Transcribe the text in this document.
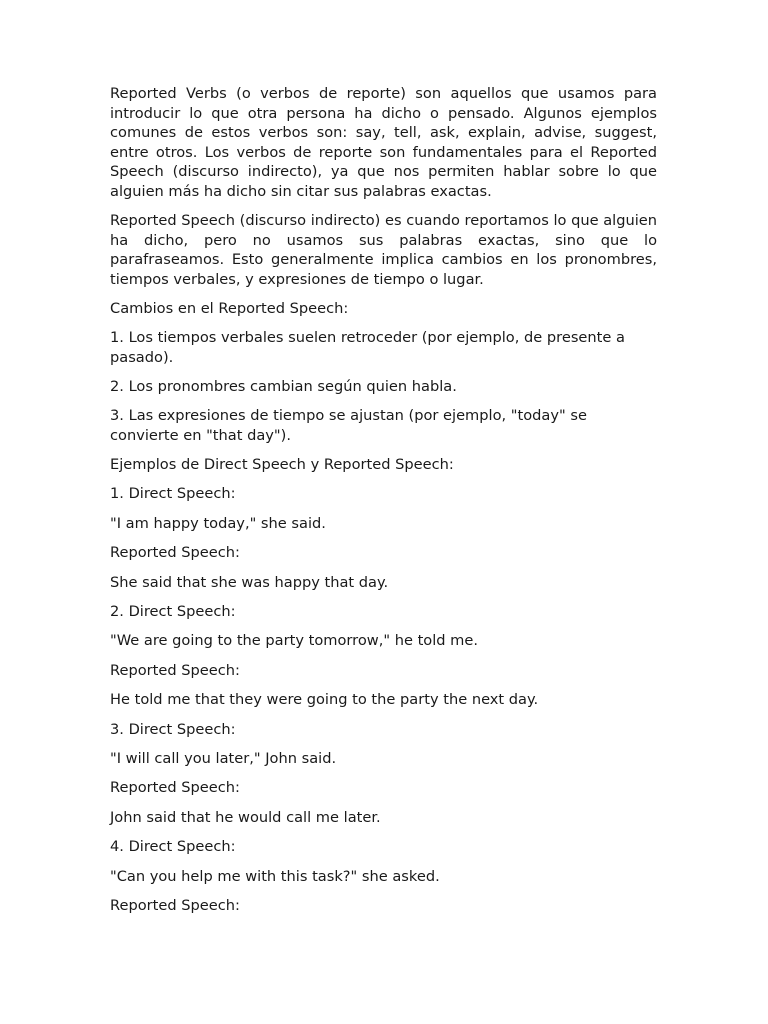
Reported Verbs (o verbos de reporte) son aquellos que usamos para introducir lo que otra persona ha dicho o pensado. Algunos ejemplos comunes de estos verbos son: say, tell, ask, explain, advise, suggest, entre otros. Los verbos de reporte son fundamentales para el Reported Speech (discurso indirecto), ya que nos permiten hablar sobre lo que alguien más ha dicho sin citar sus palabras exactas.

Reported Speech (discurso indirecto) es cuando reportamos lo que alguien ha dicho, pero no usamos sus palabras exactas, sino que lo parafraseamos. Esto generalmente implica cambios en los pronombres, tiempos verbales, y expresiones de tiempo o lugar.

Cambios en el Reported Speech:

1. Los tiempos verbales suelen retroceder (por ejemplo, de presente a pasado).

2. Los pronombres cambian según quien habla.

3. Las expresiones de tiempo se ajustan (por ejemplo, "today" se convierte en "that day").

Ejemplos de Direct Speech y Reported Speech:

1. Direct Speech:

"I am happy today," she said.

Reported Speech:

She said that she was happy that day.

2. Direct Speech:

"We are going to the party tomorrow," he told me.

Reported Speech:

He told me that they were going to the party the next day.

3. Direct Speech:

"I will call you later," John said.

Reported Speech:

John said that he would call me later.

4. Direct Speech:

"Can you help me with this task?" she asked.

Reported Speech:
